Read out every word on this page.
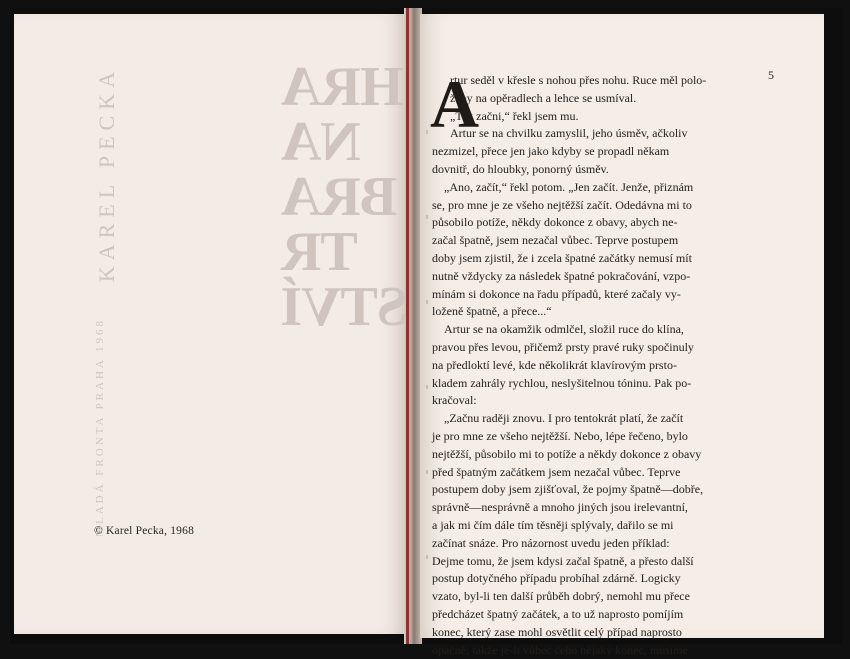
KAREL PECKA	HRA
NA
BRA
TR
STVÍ
MLADÁ FRONTA PRAHA 1968
© Karel Pecka, 1968
5
A
rtur seděl v křesle s nohou přes nohu. Ruce měl polo-
ženy na opěradlech a lehce se usmíval.
„Tak začni,“ řekl jsem mu.
Artur se na chvilku zamyslil, jeho úsměv, ačkoliv
nezmizel, přece jen jako kdyby se propadl někam
dovnitř, do hloubky, ponorný úsměv.
„Ano, začít,“ řekl potom. „Jen začít. Jenže, přiznám
se, pro mne je ze všeho nejtěžší začít. Odedávna mi to
působilo potíže, někdy dokonce z obavy, abych ne-
začal špatně, jsem nezačal vůbec. Teprve postupem
doby jsem zjistil, že i zcela špatné začátky nemusí mít
nutně vždycky za následek špatné pokračování, vzpo-
mínám si dokonce na řadu případů, které začaly vy-
loženě špatně, a přece...“
Artur se na okamžik odmlčel, složil ruce do klína,
pravou přes levou, přičemž prsty pravé ruky spočinuly
na předloktí levé, kde několikrát klavírovým prsto-
kladem zahrály rychlou, neslyšitelnou tóninu. Pak po-
kračoval:
„Začnu raději znovu. I pro tentokrát platí, že začít
je pro mne ze všeho nejtěžší. Nebo, lépe řečeno, bylo
nejtěžší, působilo mi to potíže a někdy dokonce z obavy
před špatným začátkem jsem nezačal vůbec. Teprve
postupem doby jsem zjišťoval, že pojmy špatně—dobře,
správně—nesprávně a mnoho jiných jsou irelevantní,
a jak mi čím dále tím těsněji splývaly, dařilo se mi
začínat snáze. Pro názornost uvedu jeden příklad:
Dejme tomu, že jsem kdysi začal špatně, a přesto další
postup dotyčného případu probíhal zdárně. Logicky
vzato, byl-li ten další průběh dobrý, nemohl mu přece
předcházet špatný začátek, a to už naprosto pomíjím
konec, který zase mohl osvětlit celý případ naprosto
opačně; takže je-li vůbec čeho nějaký konec, musíme
